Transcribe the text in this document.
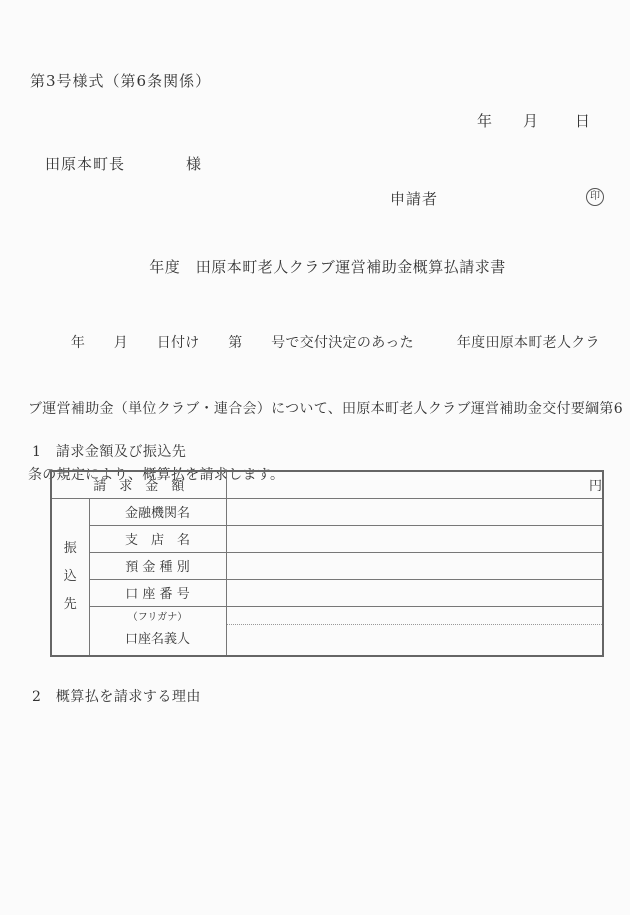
第3号様式（第6条関係）
年 月 日
田原本町長	様
申請者	印
年度　田原本町老人クラブ運営補助金概算払請求書

　　　年　　月　　日付け　　第　　号で交付決定のあった　　　年度田原本町老人クラ

ブ運営補助金（単位クラブ・連合会）について、田原本町老人クラブ運営補助金交付要綱第6

条の規定により、概算払を請求します。

1　 請求金額及び振込先
請　求　金　額		円

振
込
先	金融機関名	
	支　店　名	
	預 金 種 別	
	口 座 番 号	

	（フリガナ）
口座名義人	

2　 概算払を請求する理由
